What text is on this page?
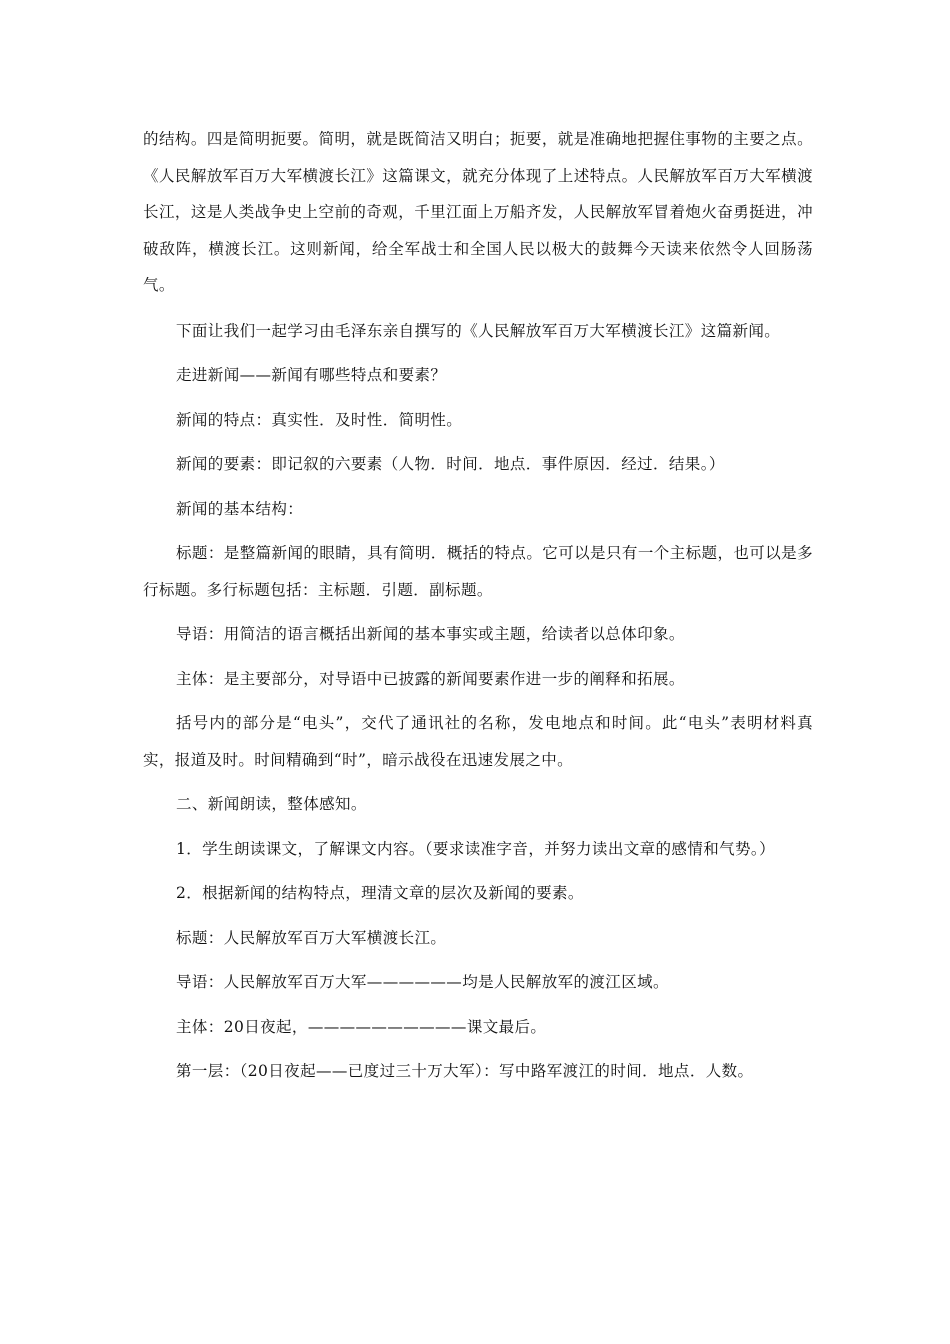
的结构。四是简明扼要。简明，就是既简洁又明白；扼要，就是准确地把握住事物的主要之点。《人民解放军百万大军横渡长江》这篇课文，就充分体现了上述特点。人民解放军百万大军横渡长江，这是人类战争史上空前的奇观，千里江面上万船齐发，人民解放军冒着炮火奋勇挺进，冲破敌阵，横渡长江。这则新闻，给全军战士和全国人民以极大的鼓舞今天读来依然令人回肠荡气。

下面让我们一起学习由毛泽东亲自撰写的《人民解放军百万大军横渡长江》这篇新闻。

走进新闻——新闻有哪些特点和要素？

新闻的特点：真实性．及时性．简明性。

新闻的要素：即记叙的六要素（人物．时间．地点．事件原因．经过．结果。）

新闻的基本结构：

标题：是整篇新闻的眼睛，具有简明．概括的特点。它可以是只有一个主标题，也可以是多行标题。多行标题包括：主标题．引题．副标题。

导语：用简洁的语言概括出新闻的基本事实或主题，给读者以总体印象。

主体：是主要部分，对导语中已披露的新闻要素作进一步的阐释和拓展。

括号内的部分是“电头”，交代了通讯社的名称，发电地点和时间。此“电头”表明材料真实，报道及时。时间精确到“时”，暗示战役在迅速发展之中。

二、新闻朗读，整体感知。

1．学生朗读课文，了解课文内容。（要求读准字音，并努力读出文章的感情和气势。）

2．根据新闻的结构特点，理清文章的层次及新闻的要素。

标题：人民解放军百万大军横渡长江。

导语：人民解放军百万大军——————均是人民解放军的渡江区域。

主体：20日夜起，——————————课文最后。

第一层：（20日夜起——已度过三十万大军）：写中路军渡江的时间．地点．人数。
